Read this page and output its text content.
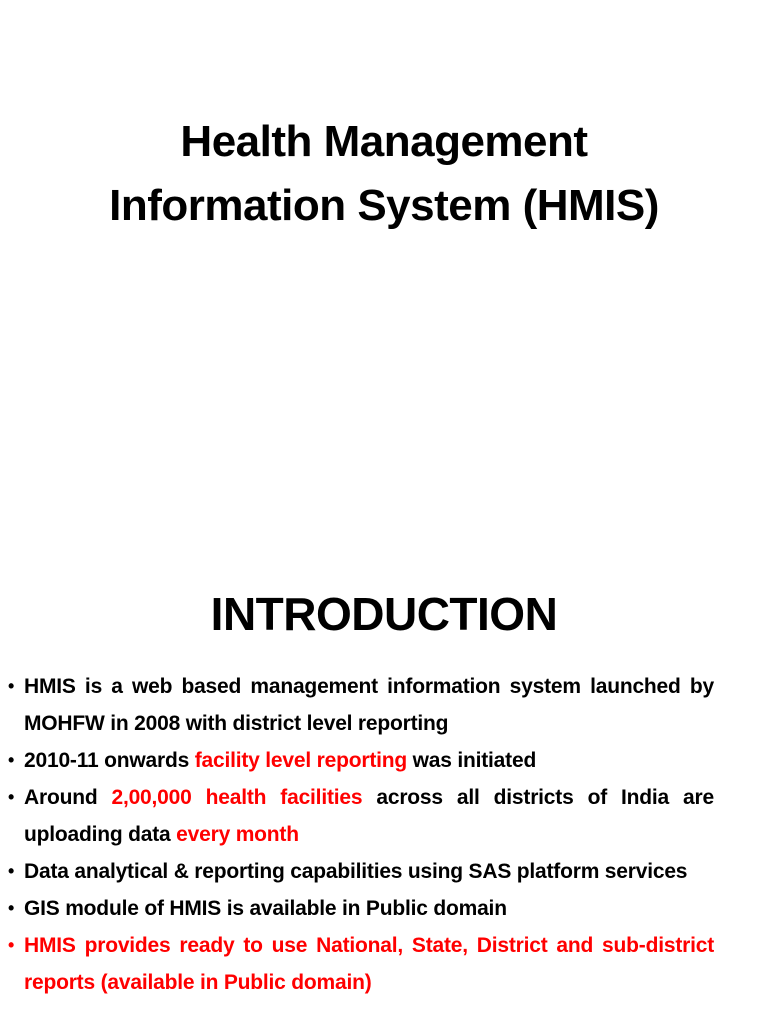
Health Management
Information System (HMIS)
INTRODUCTION
• HMIS is a web based management information system launched by MOHFW in 2008 with district level reporting
• 2010-11 onwards facility level reporting was initiated
• Around 2,00,000 health facilities across all districts of India are uploading data every month
• Data analytical & reporting capabilities using SAS platform services
• GIS module of HMIS is available in Public domain
• HMIS provides ready to use National, State, District and sub-district reports (available in Public domain)
